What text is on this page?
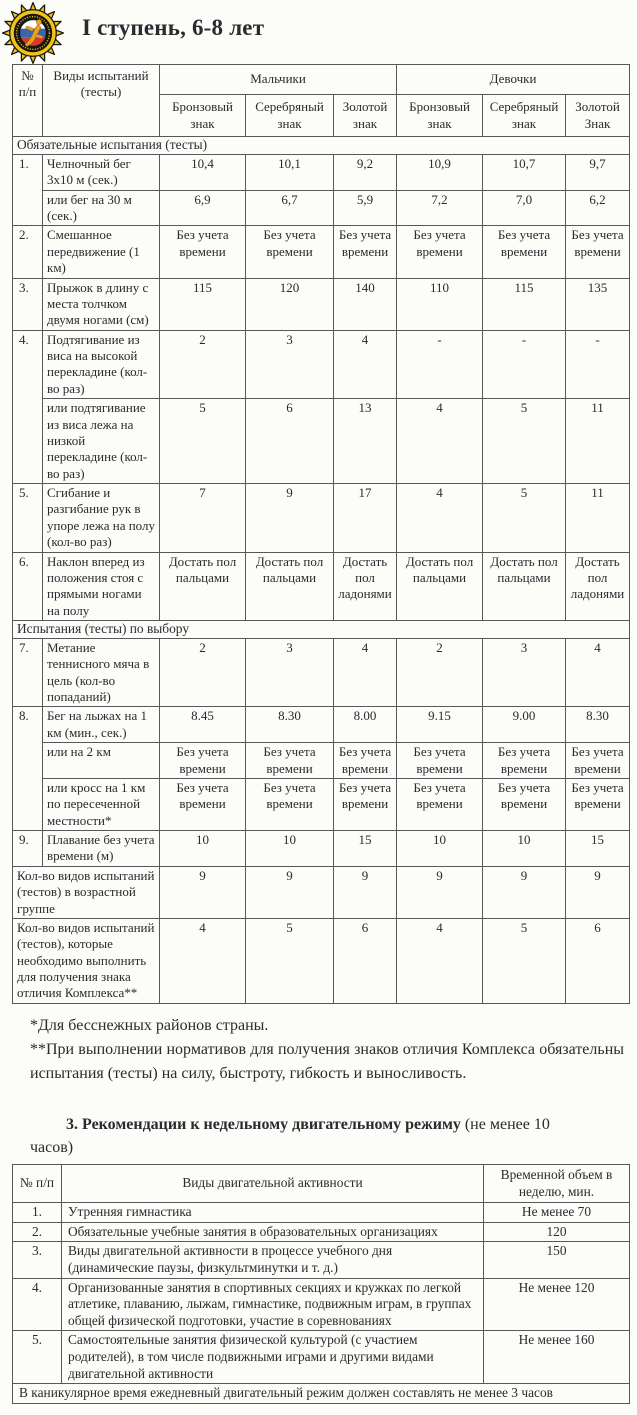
I ступень, 6-8 лет
№ п/п	Виды испытаний (тесты)	Мальчики			Девочки		
		Бронзовый знак	Серебряный знак	Золотой знак	Бронзовый знак	Серебряный знак	Золотой Знак
Обязательные испытания (тесты)							
1.	Челночный бег 3х10 м (сек.)	10,4	10,1	9,2	10,9	10,7	9,7
	или бег на 30 м (сек.)	6,9	6,7	5,9	7,2	7,0	6,2
2.	Смешанное передвижение (1 км)	Без учета времени	Без учета времени	Без учета времени	Без учета времени	Без учета времени	Без учета времени
3.	Прыжок в длину с места толчком двумя ногами (см)	115	120	140	110	115	135
4.	Подтягивание из виса на высокой перекладине (кол-во раз)	2	3	4	-	-	-
	или подтягивание из виса лежа на низкой перекладине (кол-во раз)	5	6	13	4	5	11
5.	Сгибание и разгибание рук в упоре лежа на полу (кол-во раз)	7	9	17	4	5	11
6.	Наклон вперед из положения стоя с прямыми ногами на полу	Достать пол пальцами	Достать пол пальцами	Достать пол ладонями	Достать пол пальцами	Достать пол пальцами	Достать пол ладонями
Испытания (тесты) по выбору							
7.	Метание теннисного мяча в цель (кол-во попаданий)	2	3	4	2	3	4
8.	Бег на лыжах на 1 км (мин., сек.)	8.45	8.30	8.00	9.15	9.00	8.30
	или на 2 км	Без учета времени	Без учета времени	Без учета времени	Без учета времени	Без учета времени	Без учета времени
	или кросс на 1 км по пересеченной местности*	Без учета времени	Без учета времени	Без учета времени	Без учета времени	Без учета времени	Без учета времени
9.	Плавание без учета времени (м)	10	10	15	10	10	15
Кол-во видов испытаний (тестов) в возрастной группе		9	9	9	9	9	9
Кол-во видов испытаний (тестов), которые необходимо выполнить для получения знака отличия Комплекса**		4	5	6	4	5	6

*Для бесснежных районов страны.

**При выполнении нормативов для получения знаков отличия Комплекса обязательны испытания (тесты) на силу, быстроту, гибкость и выносливость.

3. Рекомендации к недельному двигательному режиму (не менее 10

часов)

№ п/п	Виды двигательной активности	Временной объем в неделю, мин.
1.	Утренняя гимнастика	Не менее 70
2.	Обязательные учебные занятия в образовательных организациях	120
3.	Виды двигательной активности в процессе учебного дня (динамические паузы, физкультминутки и т. д.)	150
4.	Организованные занятия в спортивных секциях и кружках по легкой атлетике, плаванию, лыжам, гимнастике, подвижным играм, в группах общей физической подготовки, участие в соревнованиях	Не менее 120
5.	Самостоятельные занятия физической культурой (с участием родителей), в том числе подвижными играми и другими видами двигательной активности	Не менее 160
В каникулярное время ежедневный двигательный режим должен составлять не менее 3 часов		
